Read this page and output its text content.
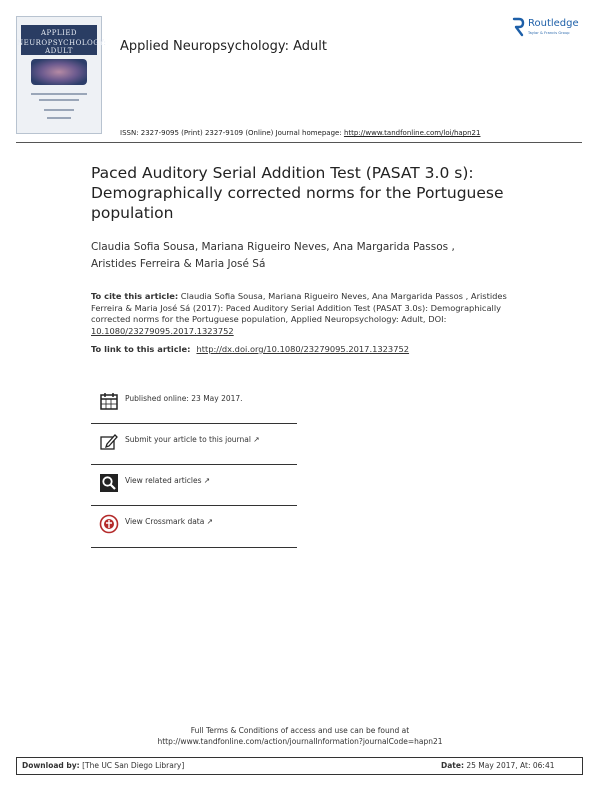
APPLIED
NEUROPSYCHOLOGY: ADULT	Applied Neuropsychology: Adult
Routledge
Taylor & Francis Group
ISSN: 2327-9095 (Print) 2327-9109 (Online) Journal homepage: http://www.tandfonline.com/loi/hapn21
Paced Auditory Serial Addition Test (PASAT 3.0 s): Demographically corrected norms for the Portuguese population
Claudia Sofia Sousa, Mariana Rigueiro Neves, Ana Margarida Passos ,
Aristides Ferreira & Maria José Sá
To cite this article: Claudia Sofia Sousa, Mariana Rigueiro Neves, Ana Margarida Passos , Aristides Ferreira & Maria José Sá (2017): Paced Auditory Serial Addition Test (PASAT 3.0s): Demographically corrected norms for the Portuguese population, Applied Neuropsychology: Adult, DOI: 10.1080/23279095.2017.1323752
To link to this article: http://dx.doi.org/10.1080/23279095.2017.1323752
Published online: 23 May 2017.
Submit your article to this journal ↗
View related articles ↗
View Crossmark data ↗
Full Terms & Conditions of access and use can be found at
http://www.tandfonline.com/action/journalInformation?journalCode=hapn21
Download by: [The UC San Diego Library]	Date: 25 May 2017, At: 06:41
